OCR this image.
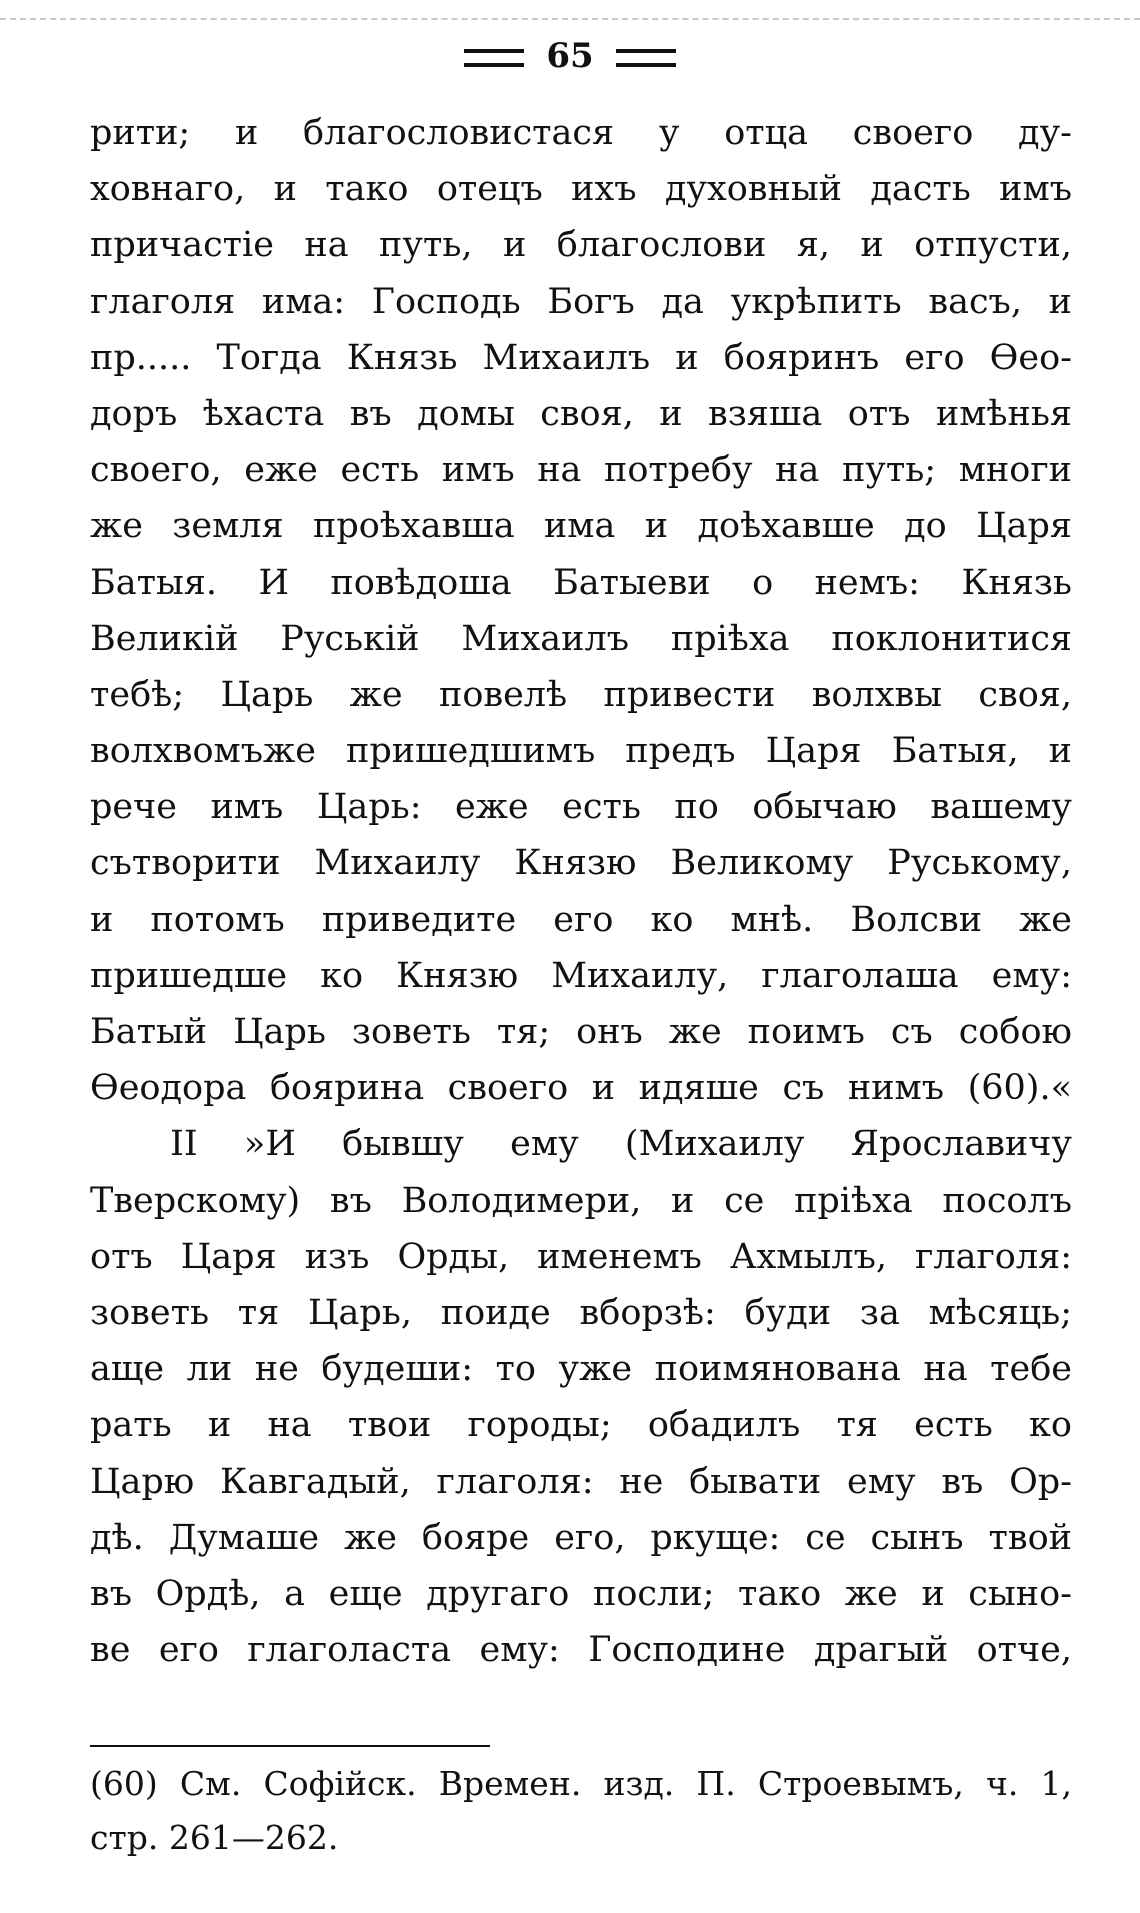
65
рити; и благословистася у отца своего ду-
ховнаго, и тако отецъ ихъ духовный дасть имъ
причастіе на путь, и благослови я, и отпусти,
глаголя има: Господь Богъ да укрѣпить васъ, и
пр..... Тогда Князь Михаилъ и бояринъ его Ѳео-
доръ ѣхаста въ домы своя, и взяша отъ имѣнья
своего, еже есть имъ на потребу на путь; многи
же земля проѣхавша има и доѣхавше до Царя
Батыя. И повѣдоша Батыеви о немъ: Князь
Великій Руській Михаилъ пріѣха поклонитися
тебѣ; Царь же повелѣ привести волхвы своя,
волхвомъже пришедшимъ предъ Царя Батыя, и
рече имъ Царь: еже есть по обычаю вашему
сътворити Михаилу Князю Великому Руському,
и потомъ приведите его ко мнѣ. Волсви же
пришедше ко Князю Михаилу, глаголаша ему:
Батый Царь зоветь тя; онъ же поимъ съ собою
Ѳеодора боярина своего и идяше съ нимъ (60).«
II »И бывшу ему (Михаилу Ярославичу
Тверскому) въ Володимери, и се пріѣха посолъ
отъ Царя изъ Орды, именемъ Ахмылъ, глаголя:
зоветь тя Царь, поиде вборзѣ: буди за мѣсяць;
аще ли не будеши: то уже поимянована на тебе
рать и на твои городы; обадилъ тя есть ко
Царю Кавгадый, глаголя: не бывати ему въ Ор-
дѣ. Думаше же бояре его, ркуще: се сынъ твой
въ Ордѣ, а еще другаго посли; тако же и сыно-
ве его глаголаста ему: Господине драгый отче,
(60) См. Софійск. Времен. изд. П. Строевымъ, ч. 1,
стр. 261—262.
